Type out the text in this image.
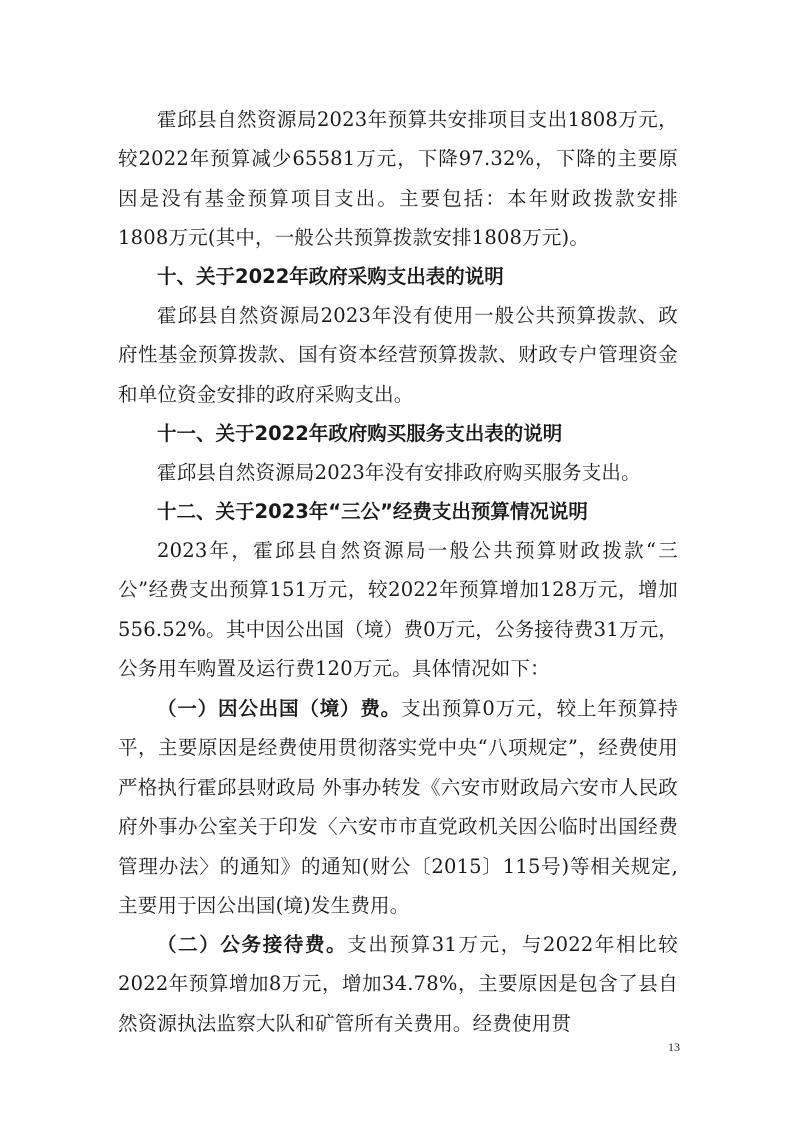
霍邱县自然资源局2023年预算共安排项目支出1808万元，较2022年预算减少65581万元，下降97.32%，下降的主要原因是没有基金预算项目支出。主要包括：本年财政拨款安排1808万元(其中，一般公共预算拨款安排1808万元)。

十、关于2022年政府采购支出表的说明

霍邱县自然资源局2023年没有使用一般公共预算拨款、政府性基金预算拨款、国有资本经营预算拨款、财政专户管理资金和单位资金安排的政府采购支出。

十一、关于2022年政府购买服务支出表的说明

霍邱县自然资源局2023年没有安排政府购买服务支出。

十二、关于2023年“三公”经费支出预算情况说明

2023年，霍邱县自然资源局一般公共预算财政拨款“三公”经费支出预算151万元，较2022年预算增加128万元，增加556.52%。其中因公出国（境）费0万元，公务接待费31万元，公务用车购置及运行费120万元。具体情况如下：

（一）因公出国（境）费。支出预算0万元，较上年预算持平，主要原因是经费使用贯彻落实党中央“八项规定”，经费使用严格执行霍邱县财政局 外事办转发《六安市财政局六安市人民政府外事办公室关于印发〈六安市市直党政机关因公临时出国经费管理办法〉的通知》的通知(财公〔2015〕115号)等相关规定,主要用于因公出国(境)发生费用。

（二）公务接待费。支出预算31万元，与2022年相比较2022年预算增加8万元，增加34.78%，主要原因是包含了县自然资源执法监察大队和矿管所有关费用。经费使用贯

13
